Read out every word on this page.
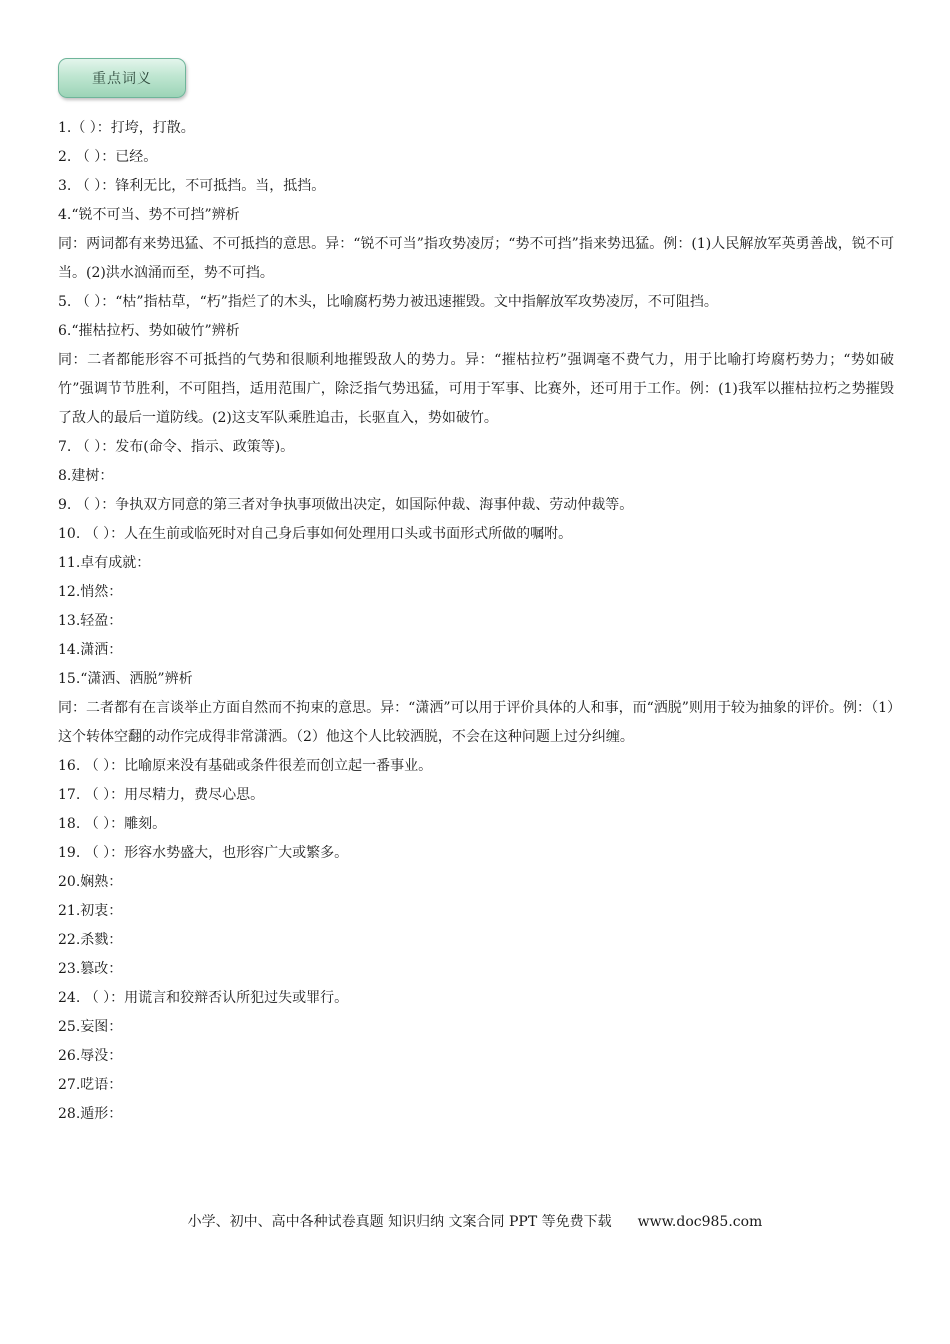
重点词义
1.（ ）：打垮，打散。
2. （ ）：已经。
3. （ ）：锋利无比，不可抵挡。当，抵挡。
4.“锐不可当、势不可挡”辨析
同：两词都有来势迅猛、不可抵挡的意思。异：“锐不可当”指攻势凌厉；“势不可挡”指来势迅猛。例：(1)人民解放军英勇善战，锐不可当。(2)洪水汹涌而至，势不可挡。
5. （ ）：“枯”指枯草，“朽”指烂了的木头，比喻腐朽势力被迅速摧毁。文中指解放军攻势凌厉，不可阻挡。
6.“摧枯拉朽、势如破竹”辨析
同：二者都能形容不可抵挡的气势和很顺利地摧毁敌人的势力。异：“摧枯拉朽”强调毫不费气力，用于比喻打垮腐朽势力；“势如破竹”强调节节胜利，不可阻挡，适用范围广，除泛指气势迅猛，可用于军事、比赛外，还可用于工作。例：(1)我军以摧枯拉朽之势摧毁了敌人的最后一道防线。(2)这支军队乘胜追击，长驱直入，势如破竹。
7. （ ）：发布(命令、指示、政策等)。
8.建树：
9. （ ）：争执双方同意的第三者对争执事项做出决定，如国际仲裁、海事仲裁、劳动仲裁等。
10. （ ）：人在生前或临死时对自己身后事如何处理用口头或书面形式所做的嘱咐。
11.卓有成就：
12.悄然：
13.轻盈：
14.潇洒：
15.“潇洒、洒脱”辨析
同：二者都有在言谈举止方面自然而不拘束的意思。异：“潇洒”可以用于评价具体的人和事，而“洒脱”则用于较为抽象的评价。例：（1）这个转体空翻的动作完成得非常潇洒。（2）他这个人比较洒脱，不会在这种问题上过分纠缠。
16. （ ）：比喻原来没有基础或条件很差而创立起一番事业。
17. （ ）：用尽精力，费尽心思。
18. （ ）：雕刻。
19. （ ）：形容水势盛大，也形容广大或繁多。
20.娴熟：
21.初衷：
22.杀戮：
23.篡改：
24. （ ）：用谎言和狡辩否认所犯过失或罪行。
25.妄图：
26.辱没：
27.呓语：
28.遁形：
小学、初中、高中各种试卷真题 知识归纳 文案合同 PPT 等免费下载 www.doc985.com
